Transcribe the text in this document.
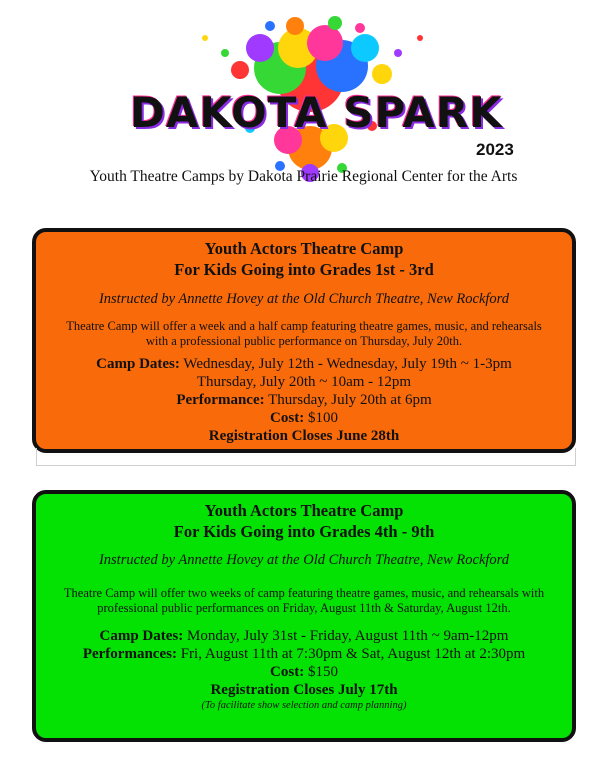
DAKOTA SPARK
2023
Youth Theatre Camps by Dakota Prairie Regional Center for the Arts
Youth Actors Theatre Camp
For Kids Going into Grades 1st - 3rd
Instructed by Annette Hovey at the Old Church Theatre, New Rockford
Theatre Camp will offer a week and a half camp featuring theatre games, music, and rehearsals with a professional public performance on Thursday, July 20th.
Camp Dates: Wednesday, July 12th - Wednesday, July 19th ~ 1-3pm
Thursday, July 20th ~ 10am - 12pm
Performance: Thursday, July 20th at 6pm
Cost: $100
Registration Closes June 28th
Youth Actors Theatre Camp
For Kids Going into Grades 4th - 9th
Instructed by Annette Hovey at the Old Church Theatre, New Rockford
Theatre Camp will offer two weeks of camp featuring theatre games, music, and rehearsals with professional public performances on Friday, August 11th & Saturday, August 12th.
Camp Dates: Monday, July 31st - Friday, August 11th ~ 9am-12pm
Performances: Fri, August 11th at 7:30pm & Sat, August 12th at 2:30pm
Cost: $150
Registration Closes July 17th
(To facilitate show selection and camp planning)
